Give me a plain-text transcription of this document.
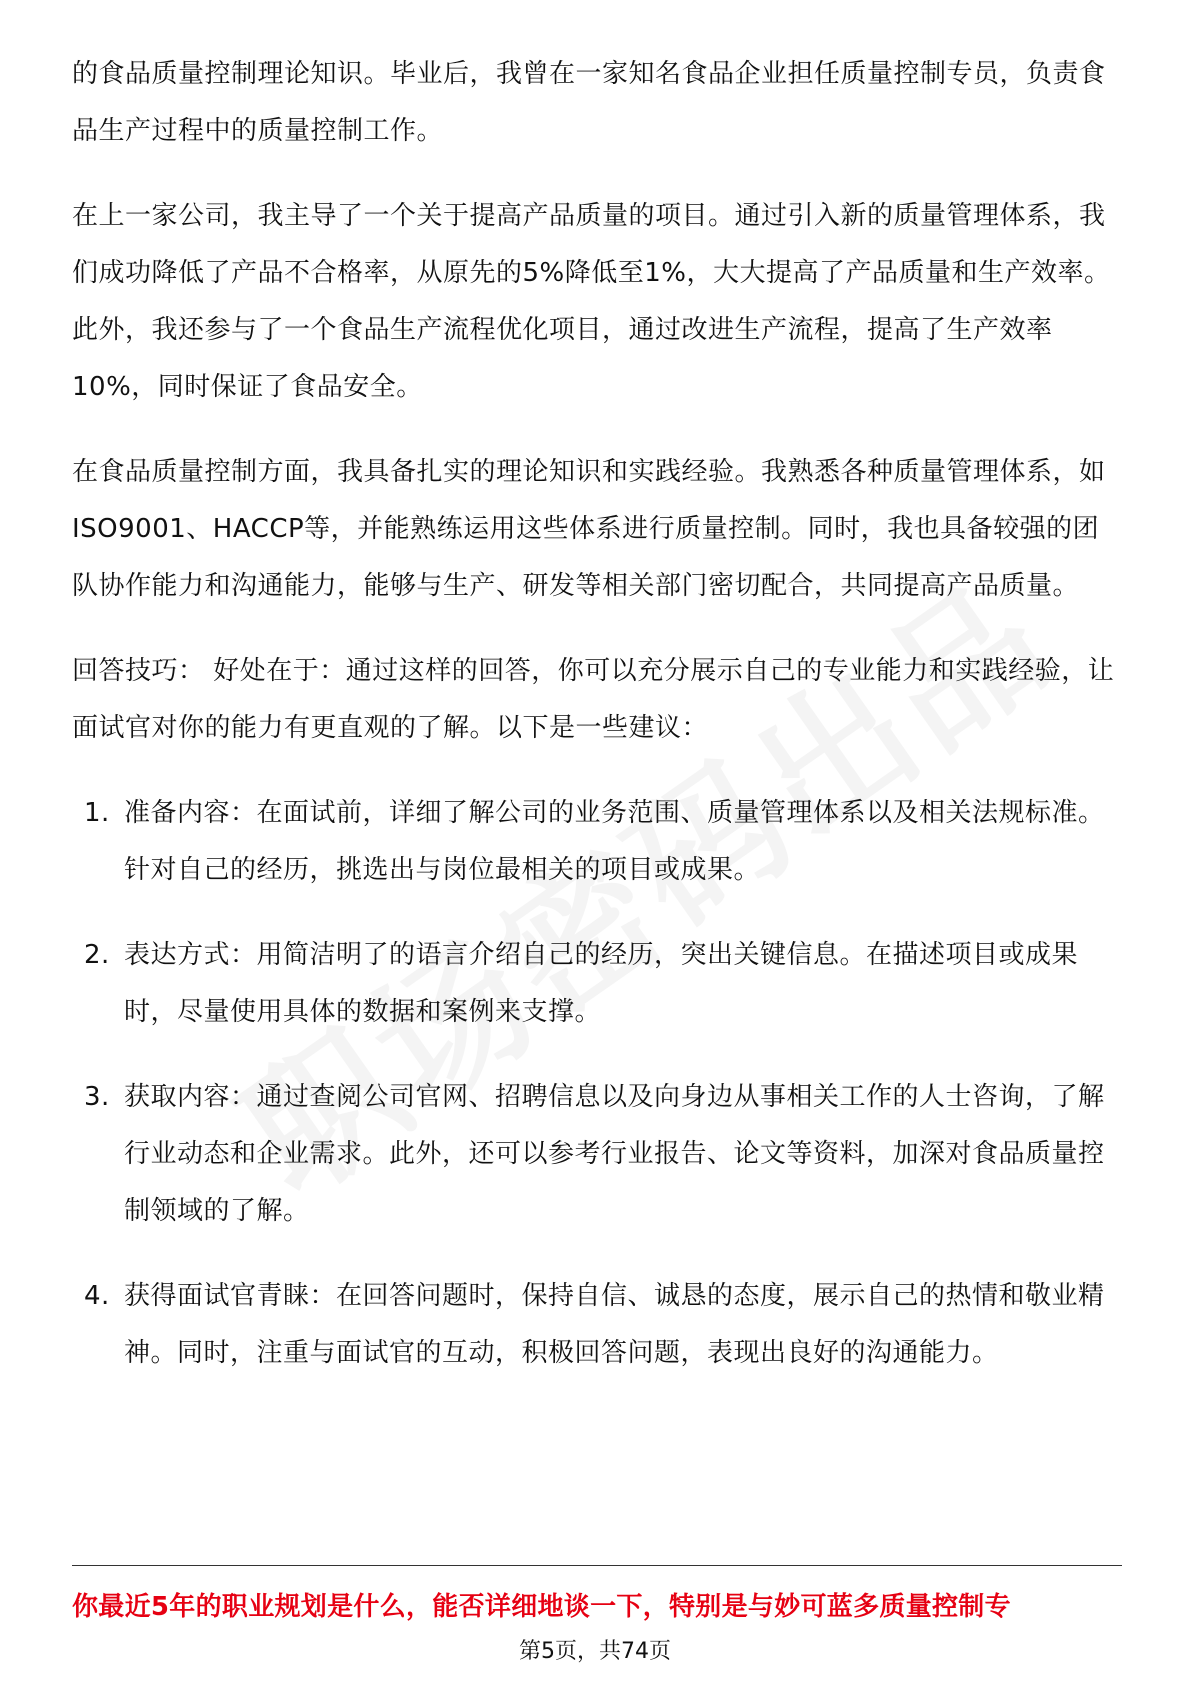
的食品质量控制理论知识。毕业后，我曾在一家知名食品企业担任质量控制专员，负责食品生产过程中的质量控制工作。

在上一家公司，我主导了一个关于提高产品质量的项目。通过引入新的质量管理体系，我们成功降低了产品不合格率，从原先的5%降低至1%，大大提高了产品质量和生产效率。此外，我还参与了一个食品生产流程优化项目，通过改进生产流程，提高了生产效率10%，同时保证了食品安全。

在食品质量控制方面，我具备扎实的理论知识和实践经验。我熟悉各种质量管理体系，如ISO9001、HACCP等，并能熟练运用这些体系进行质量控制。同时，我也具备较强的团队协作能力和沟通能力，能够与生产、研发等相关部门密切配合，共同提高产品质量。

回答技巧： 好处在于：通过这样的回答，你可以充分展示自己的专业能力和实践经验，让面试官对你的能力有更直观的了解。以下是一些建议：

1. 准备内容：在面试前，详细了解公司的业务范围、质量管理体系以及相关法规标准。针对自己的经历，挑选出与岗位最相关的项目或成果。
2. 表达方式：用简洁明了的语言介绍自己的经历，突出关键信息。在描述项目或成果时，尽量使用具体的数据和案例来支撑。
3. 获取内容：通过查阅公司官网、招聘信息以及向身边从事相关工作的人士咨询，了解行业动态和企业需求。此外，还可以参考行业报告、论文等资料，加深对食品质量控制领域的了解。
4. 获得面试官青睐：在回答问题时，保持自信、诚恳的态度，展示自己的热情和敬业精神。同时，注重与面试官的互动，积极回答问题，表现出良好的沟通能力。
你最近5年的职业规划是什么，能否详细地谈一下，特别是与妙可蓝多质量控制专
第5页，共74页
